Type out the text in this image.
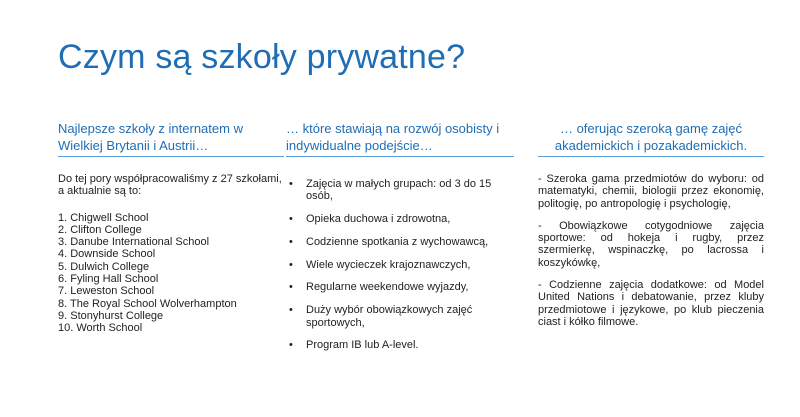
Czym są szkoły prywatne?
Najlepsze szkoły z internatem w Wielkiej Brytanii i Austrii…

Do tej pory współpracowaliśmy z 27 szkołami, a aktualnie są to:

1. Chigwell School
2. Clifton College
3. Danube International School
4. Downside School
5. Dulwich College
6. Fyling Hall School
7. Leweston School
8. The Royal School Wolverhampton
9. Stonyhurst College
10. Worth School
… które stawiają na rozwój osobisty i indywidualne podejście…
• Zajęcia w małych grupach: od 3 do 15 osób,
• Opieka duchowa i zdrowotna,
• Codzienne spotkania z wychowawcą,
• Wiele wycieczek krajoznawczych,
• Regularne weekendowe wyjazdy,
• Duży wybór obowiązkowych zajęć sportowych,
• Program IB lub A-level.
… oferując szeroką gamę zajęć akademickich i pozakademickich.

- Szeroka gama przedmiotów do wyboru: od matematyki, chemii, biologii przez ekonomię, politogię, po antropologię i psychologię,

- Obowiązkowe cotygodniowe zajęcia sportowe: od hokeja i rugby, przez szermierkę, wspinaczkę, po lacrossa i koszykówkę,

- Codzienne zajęcia dodatkowe: od Model United Nations i debatowanie, przez kluby przedmiotowe i językowe, po klub pieczenia ciast i kółko filmowe.
